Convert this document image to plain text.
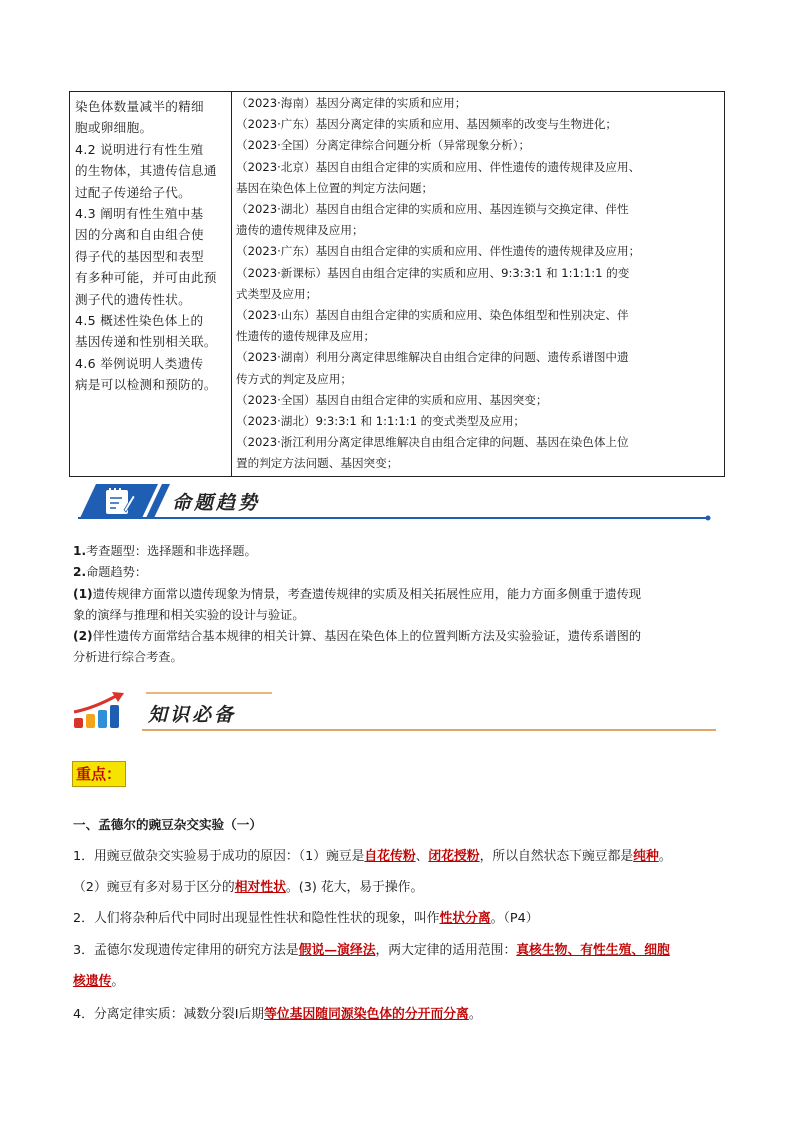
染色体数量减半的精细
胞或卵细胞。
4.2 说明进行有性生殖
的生物体，其遗传信息通
过配子传递给子代。
4.3 阐明有性生殖中基
因的分离和自由组合使
得子代的基因型和表型
有多种可能，并可由此预
测子代的遗传性状。
4.5 概述性染色体上的
基因传递和性别相关联。
4.6 举例说明人类遗传
病是可以检测和预防的。
（2023·海南）基因分离定律的实质和应用；
（2023·广东）基因分离定律的实质和应用、基因频率的改变与生物进化；
（2023·全国）分离定律综合问题分析（异常现象分析）；
（2023·北京）基因自由组合定律的实质和应用、伴性遗传的遗传规律及应用、
基因在染色体上位置的判定方法问题；
（2023·湖北）基因自由组合定律的实质和应用、基因连锁与交换定律、伴性
遗传的遗传规律及应用；
（2023·广东）基因自由组合定律的实质和应用、伴性遗传的遗传规律及应用；
（2023·新课标）基因自由组合定律的实质和应用、9:3:3:1 和 1:1:1:1 的变
式类型及应用；
（2023·山东）基因自由组合定律的实质和应用、染色体组型和性别决定、伴
性遗传的遗传规律及应用；
（2023·湖南）利用分离定律思维解决自由组合定律的问题、遗传系谱图中遗
传方式的判定及应用；
（2023·全国）基因自由组合定律的实质和应用、基因突变；
（2023·湖北）9:3:3:1 和 1:1:1:1 的变式类型及应用；
（2023·浙江利用分离定律思维解决自由组合定律的问题、基因在染色体上位
置的判定方法问题、基因突变；
命题趋势

1.考查题型：选择题和非选择题。

2.命题趋势：

(1)遗传规律方面常以遗传现象为情景，考查遗传规律的实质及相关拓展性应用，能力方面多侧重于遗传现
象的演绎与推理和相关实验的设计与验证。

(2)伴性遗传方面常结合基本规律的相关计算、基因在染色体上的位置判断方法及实验验证，遗传系谱图的
分析进行综合考查。

知识必备
重点：
一、孟德尔的豌豆杂交实验（一）
1．用豌豆做杂交实验易于成功的原因：（1）豌豆是自花传粉、闭花授粉，所以自然状态下豌豆都是纯种。
（2）豌豆有多对易于区分的相对性状。(3) 花大，易于操作。
2．人们将杂种后代中同时出现显性性状和隐性性状的现象，叫作性状分离。（P4）
3．孟德尔发现遗传定律用的研究方法是假说—演绎法，两大定律的适用范围：真核生物、有性生殖、细胞
核遗传。
4．分离定律实质：减数分裂Ⅰ后期等位基因随同源染色体的分开而分离。
